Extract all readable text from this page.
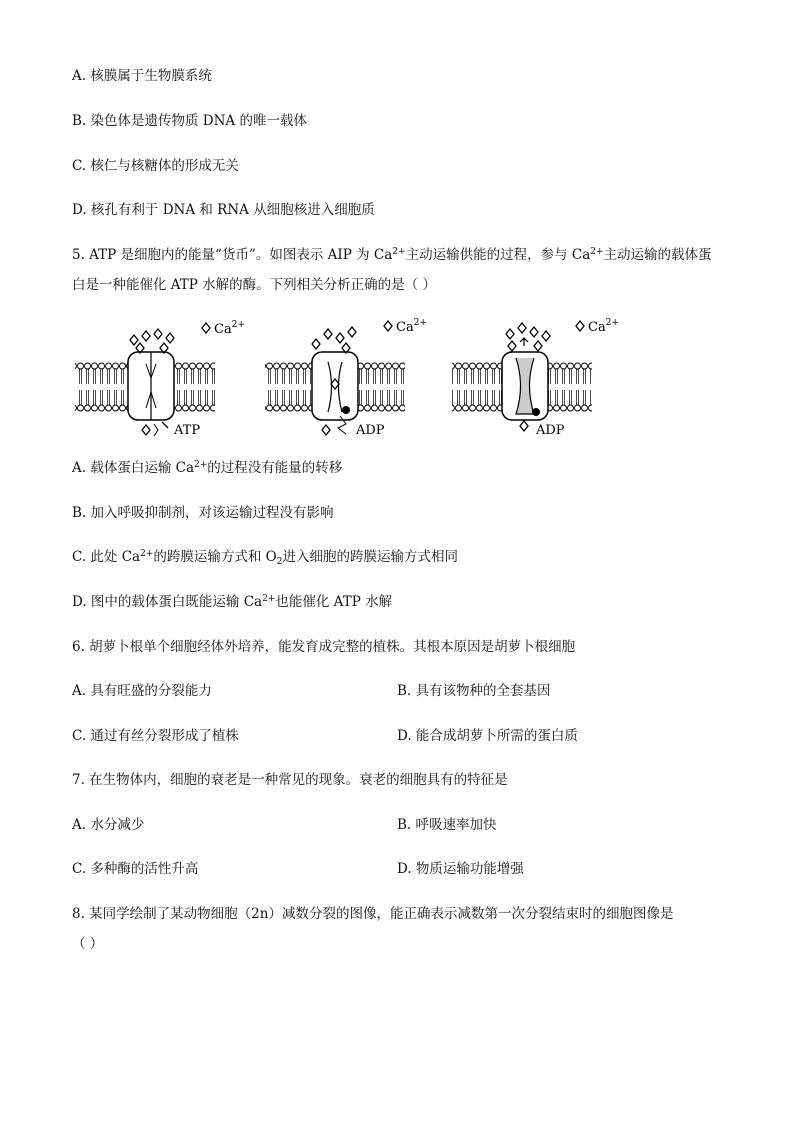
A. 核膜属于生物膜系统
B. 染色体是遗传物质 DNA 的唯一载体
C. 核仁与核糖体的形成无关
D. 核孔有利于 DNA 和 RNA 从细胞核进入细胞质
5. ATP 是细胞内的能量“货币”。如图表示 AIP 为 $Ca^{2+}$主动运输供能的过程，参与 $Ca^{2+}$主动运输的载体蛋
白是一种能催化 ATP 水解的酶。下列相关分析正确的是（ ）
ATP	ADP	ADP
$Ca^{2+}$	$Ca^{2+}$	$Ca^{2+}$
A. 载体蛋白运输 $Ca^{2+}$的过程没有能量的转移
B. 加入呼吸抑制剂，对该运输过程没有影响
C. 此处 $Ca^{2+}$的跨膜运输方式和 $O_2$进入细胞的跨膜运输方式相同
D. 图中的载体蛋白既能运输 $Ca^{2+}$也能催化 ATP 水解
6. 胡萝卜根单个细胞经体外培养，能发育成完整的植株。其根本原因是胡萝卜根细胞
A. 具有旺盛的分裂能力	B. 具有该物种的全套基因
C. 通过有丝分裂形成了植株	D. 能合成胡萝卜所需的蛋白质
7. 在生物体内，细胞的衰老是一种常见的现象。衰老的细胞具有的特征是
A. 水分减少	B. 呼吸速率加快
C. 多种酶的活性升高	D. 物质运输功能增强
8. 某同学绘制了某动物细胞（2n）减数分裂的图像，能正确表示减数第一次分裂结束时的细胞图像是
（ ）
